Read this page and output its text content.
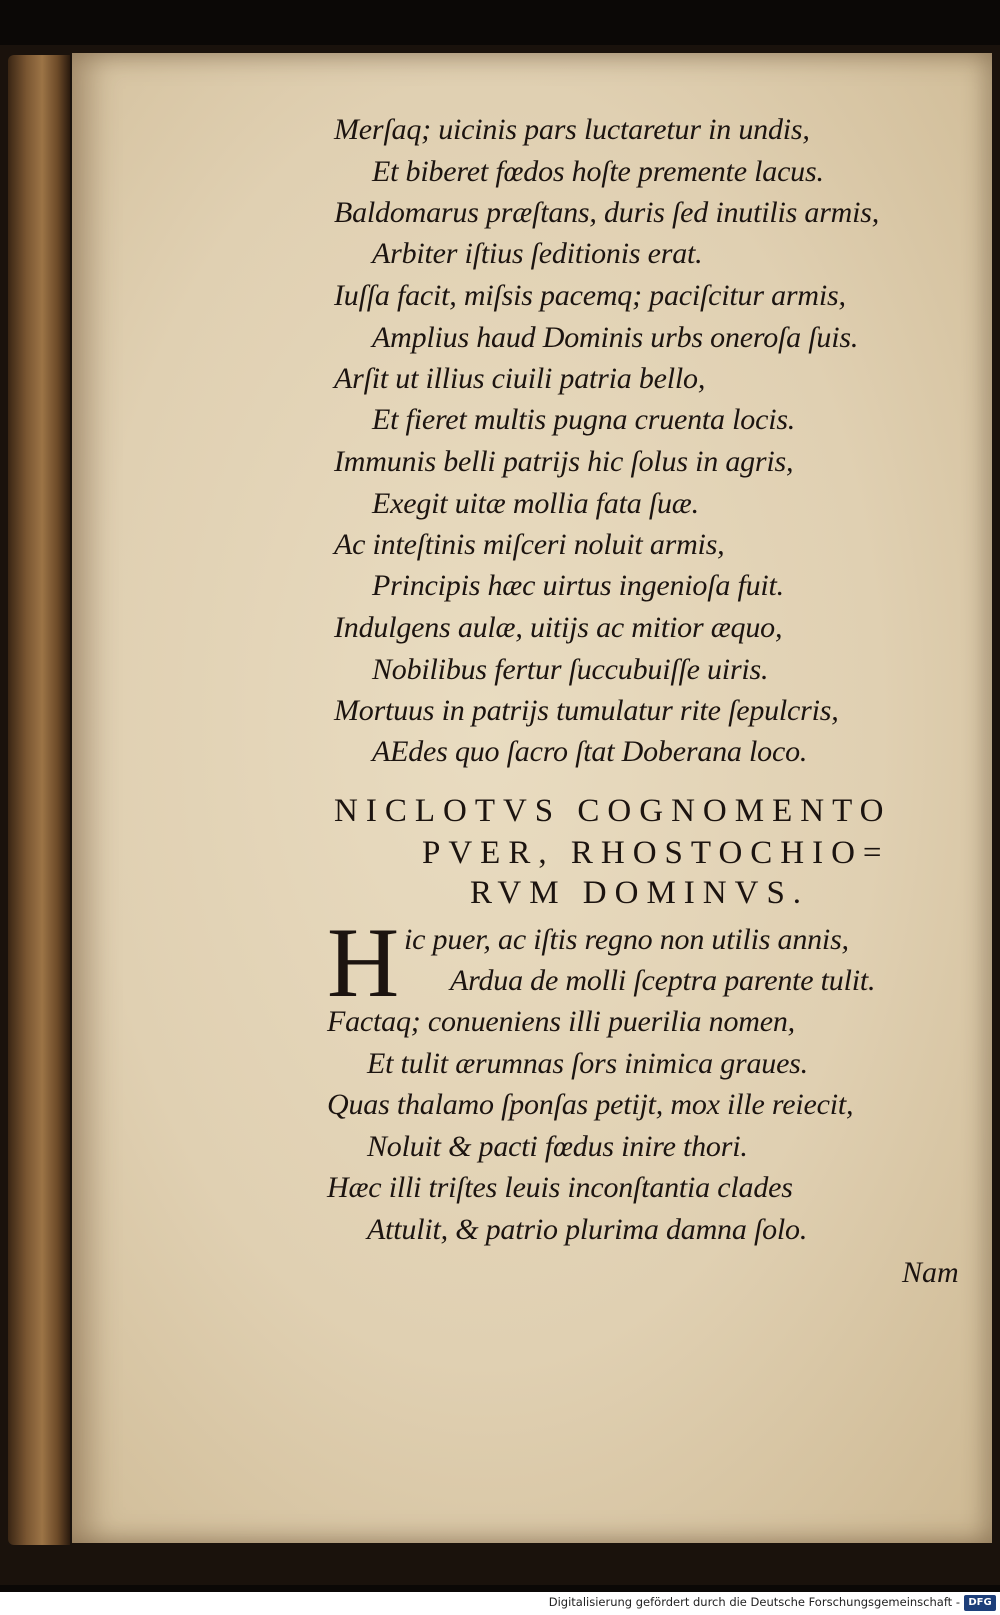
Merſaq; uicinis pars luctaretur in undis,
Et biberet fœdos hoſte premente lacus.
Baldomarus præſtans, duris ſed inutilis armis,
Arbiter iſtius ſeditionis erat.
Iuſſa facit, miſsis pacemq; paciſcitur armis,
Amplius haud Dominis urbs oneroſa ſuis.
Arſit ut illius ciuili patria bello,
Et fieret multis pugna cruenta locis.
Immunis belli patrijs hic ſolus in agris,
Exegit uitæ mollia fata ſuæ.
Ac inteſtinis miſceri noluit armis,
Principis hæc uirtus ingenioſa fuit.
Indulgens aulæ, uitijs ac mitior æquo,
Nobilibus fertur ſuccubuiſſe uiris.
Mortuus in patrijs tumulatur rite ſepulcris,
AEdes quo ſacro ſtat Doberana loco.
NICLOTVS COGNOMENTO
PVER, RHOSTOCHIO=
RVM DOMINVS.
H ic puer, ac iſtis regno non utilis annis,
Ardua de molli ſceptra parente tulit.
Factaq; conueniens illi puerilia nomen,
Et tulit ærumnas ſors inimica graues.
Quas thalamo ſponſas petijt, mox ille reiecit,
Noluit & pacti fœdus inire thori.
Hæc illi triſtes leuis inconſtantia clades
Attulit, & patrio plurima damna ſolo.
Nam
Digitalisierung gefördert durch die Deutsche Forschungsgemeinschaft - DFG
